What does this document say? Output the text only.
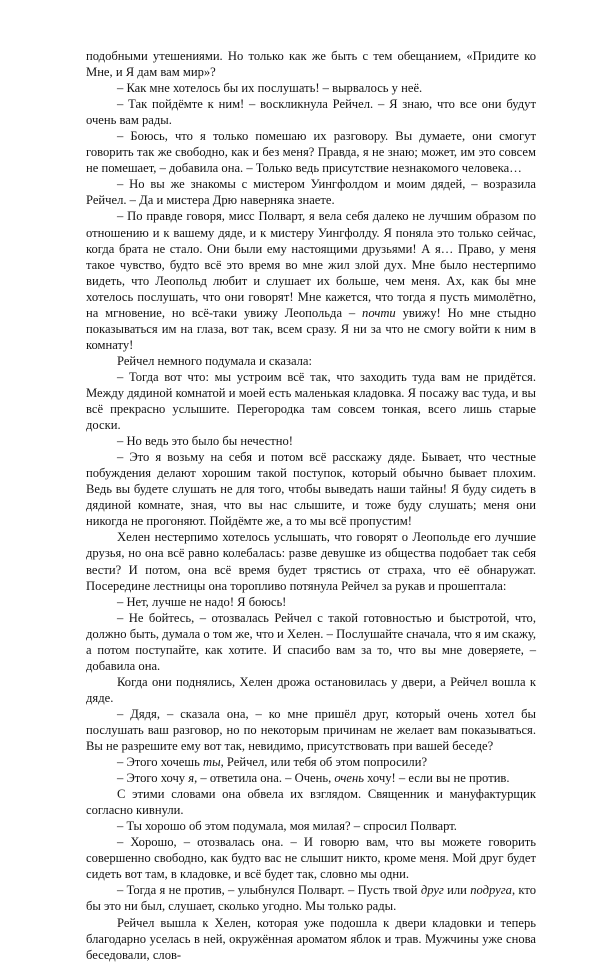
подобными утешениями. Но только как же быть с тем обещанием, «Придите ко Мне, и Я дам вам мир»?

– Как мне хотелось бы их послушать! – вырвалось у неё.

– Так пойдёмте к ним! – воскликнула Рейчел. – Я знаю, что все они будут очень вам рады.

– Боюсь, что я только помешаю их разговору. Вы думаете, они смогут говорить так же свободно, как и без меня? Правда, я не знаю; может, им это совсем не помешает, – добавила она. – Только ведь присутствие незнакомого человека…

– Но вы же знакомы с мистером Уингфолдом и моим дядей, – возразила Рейчел. – Да и мистера Дрю наверняка знаете.

– По правде говоря, мисс Полварт, я вела себя далеко не лучшим образом по отношению и к вашему дяде, и к мистеру Уингфолду. Я поняла это только сейчас, когда брата не стало. Они были ему настоящими друзьями! А я… Право, у меня такое чувство, будто всё это время во мне жил злой дух. Мне было нестерпимо видеть, что Леопольд любит и слушает их больше, чем меня. Ах, как бы мне хотелось послушать, что они говорят! Мне кажется, что тогда я пусть мимолётно, на мгновение, но всё-таки увижу Леопольда – почти увижу! Но мне стыдно показываться им на глаза, вот так, всем сразу. Я ни за что не смогу войти к ним в комнату!

Рейчел немного подумала и сказала:

– Тогда вот что: мы устроим всё так, что заходить туда вам не придётся. Между дядиной комнатой и моей есть маленькая кладовка. Я посажу вас туда, и вы всё прекрасно услышите. Перегородка там совсем тонкая, всего лишь старые доски.

– Но ведь это было бы нечестно!

– Это я возьму на себя и потом всё расскажу дяде. Бывает, что честные побуждения делают хорошим такой поступок, который обычно бывает плохим. Ведь вы будете слушать не для того, чтобы выведать наши тайны! Я буду сидеть в дядиной комнате, зная, что вы нас слышите, и тоже буду слушать; меня они никогда не прогоняют. Пойдёмте же, а то мы всё пропустим!

Хелен нестерпимо хотелось услышать, что говорят о Леопольде его лучшие друзья, но она всё равно колебалась: разве девушке из общества подобает так себя вести? И потом, она всё время будет трястись от страха, что её обнаружат. Посередине лестницы она торопливо потянула Рейчел за рукав и прошептала:

– Нет, лучше не надо! Я боюсь!

– Не бойтесь, – отозвалась Рейчел с такой готовностью и быстротой, что, должно быть, думала о том же, что и Хелен. – Послушайте сначала, что я им скажу, а потом поступайте, как хотите. И спасибо вам за то, что вы мне доверяете, – добавила она.

Когда они поднялись, Хелен дрожа остановилась у двери, а Рейчел вошла к дяде.

– Дядя, – сказала она, – ко мне пришёл друг, который очень хотел бы послушать ваш разговор, но по некоторым причинам не желает вам показываться. Вы не разрешите ему вот так, невидимо, присутствовать при вашей беседе?

– Этого хочешь ты, Рейчел, или тебя об этом попросили?

– Этого хочу я, – ответила она. – Очень, очень хочу! – если вы не против.

С этими словами она обвела их взглядом. Священник и мануфактурщик согласно кивнули.

– Ты хорошо об этом подумала, моя милая? – спросил Полварт.

– Хорошо, – отозвалась она. – И говорю вам, что вы можете говорить совершенно свободно, как будто вас не слышит никто, кроме меня. Мой друг будет сидеть вот там, в кладовке, и всё будет так, словно мы одни.

– Тогда я не против, – улыбнулся Полварт. – Пусть твой друг или подруга, кто бы это ни был, слушает, сколько угодно. Мы только рады.

Рейчел вышла к Хелен, которая уже подошла к двери кладовки и теперь благодарно уселась в ней, окружённая ароматом яблок и трав. Мужчины уже снова беседовали, слов-
